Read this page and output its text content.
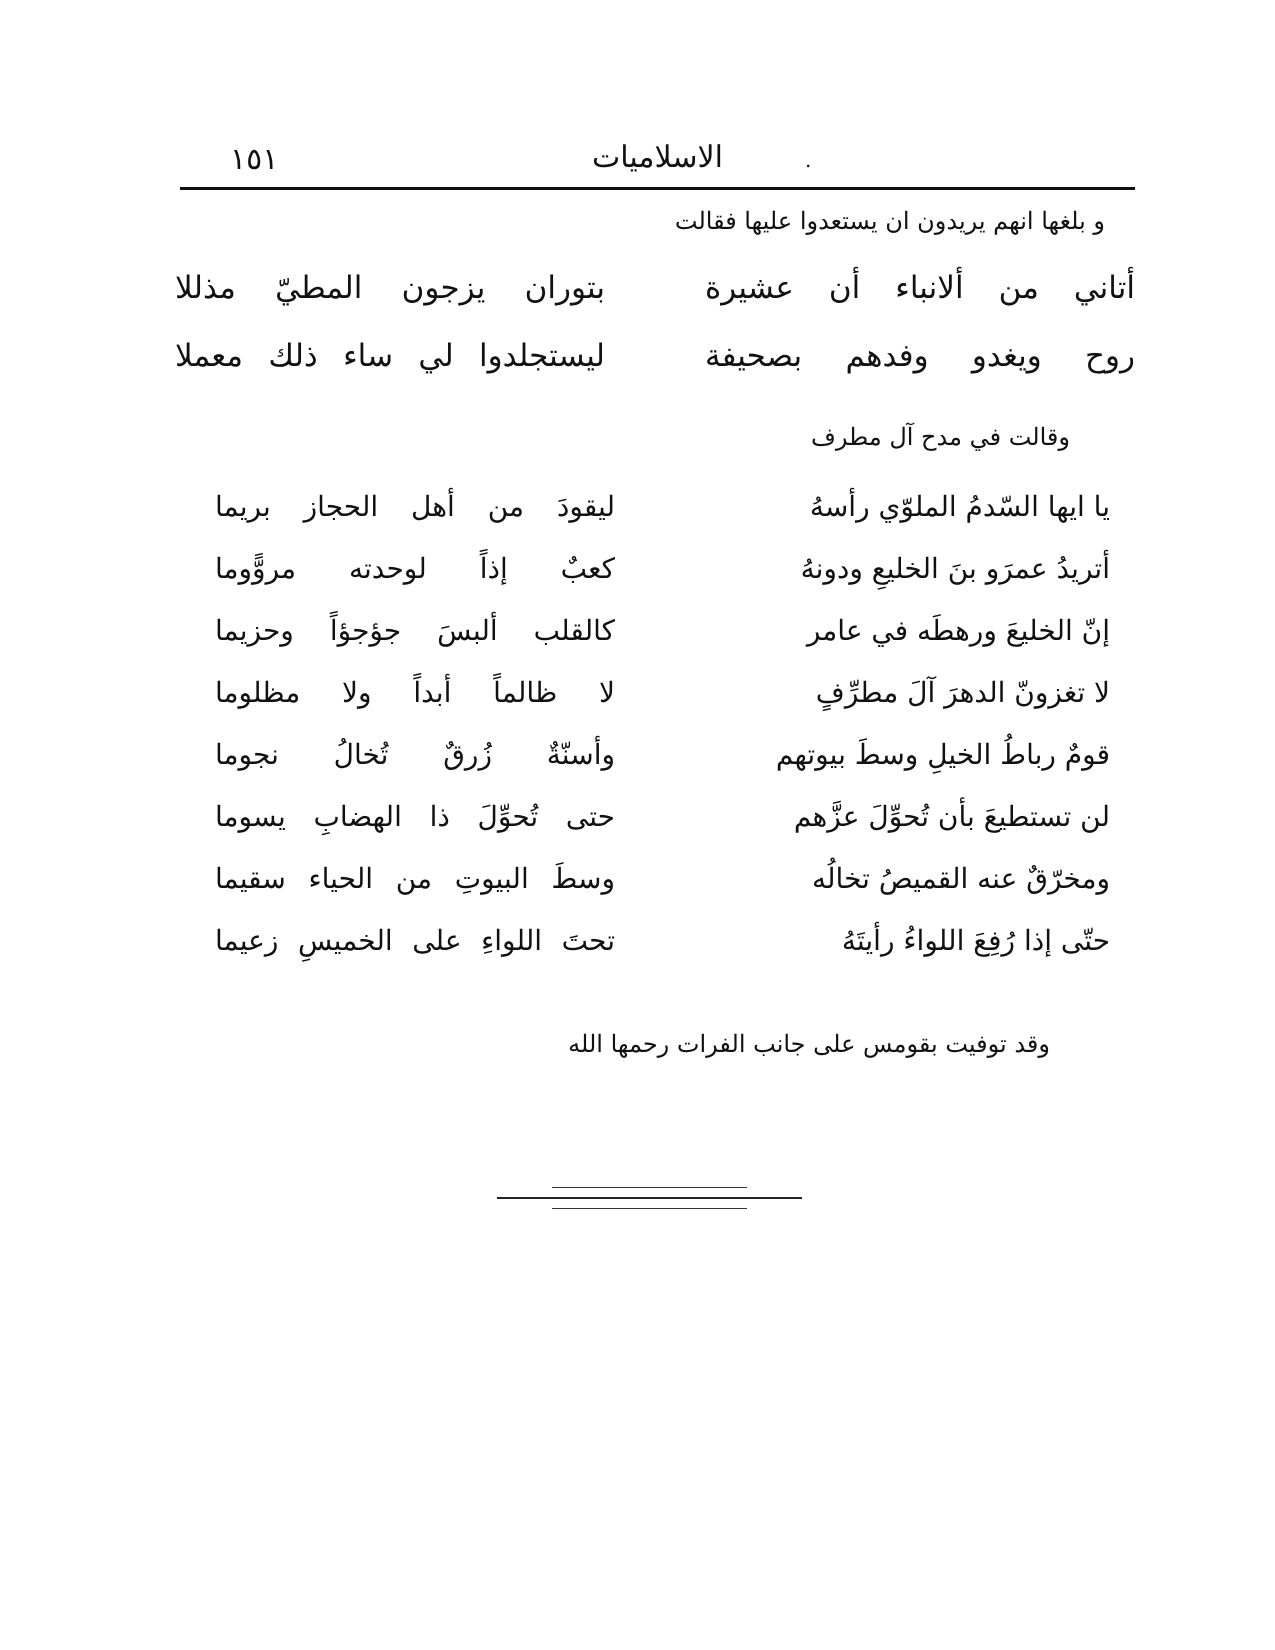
١٥١	الاسلاميات	.
و بلغها انهم يريدون ان يستعدوا عليها فقالت
أتاني من ألانباء أن عشيرة
بتوران يزجون المطيّ مذللا
روح ويغدو وفدهم بصحيفة
ليستجلدوا لي ساء ذلك معملا
وقالت في مدح آل مطرف
يا ايها السّدمُ الملوّي رأسهُ
ليقودَ من أهل الحجاز بريما
أتريدُ عمرَو بنَ الخليعِ ودونهُ
كعبٌ إذاً لوحدته مروًّوما
إنّ الخليعَ ورهطَه في عامر
كالقلب ألبسَ جؤجؤاً وحزيما
لا تغزونّ الدهرَ آلَ مطرِّفٍ
لا ظالماً أبداً ولا مظلوما
قومٌ رباطُ الخيلِ وسطَ بيوتهم
وأسنّةٌ زُرقٌ تُخالُ نجوما
لن تستطيعَ بأن تُحوِّلَ عزَّهم
حتى تُحوِّلَ ذا الهضابِ يسوما
ومخرّقٌ عنه القميصُ تخالُه
وسطَ البيوتِ من الحياء سقيما
حتّى إذا رُفِعَ اللواءُ رأيتَهُ
تحتَ اللواءِ على الخميسِ زعيما
وقد توفيت بقومس على جانب الفرات رحمها الله
